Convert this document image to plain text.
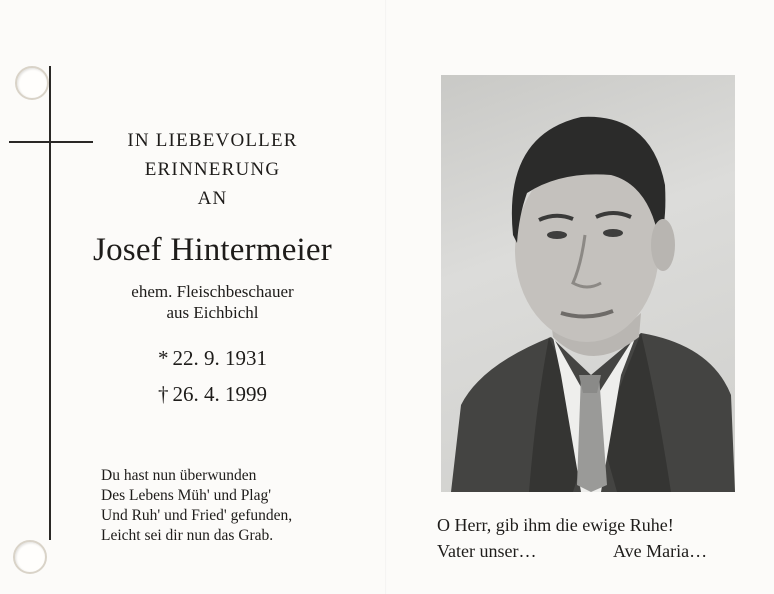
IN LIEBEVOLLER
ERINNERUNG
AN
Josef Hintermeier
ehem. Fleischbeschauer
aus Eichbichl
* 22. 9. 1931
† 26. 4. 1999
Du hast nun überwunden
Des Lebens Müh' und Plag'
Und Ruh' und Fried' gefunden,
Leicht sei dir nun das Grab.
O Herr, gib ihm die ewige Ruhe!
Vater unser…	Ave Maria…
